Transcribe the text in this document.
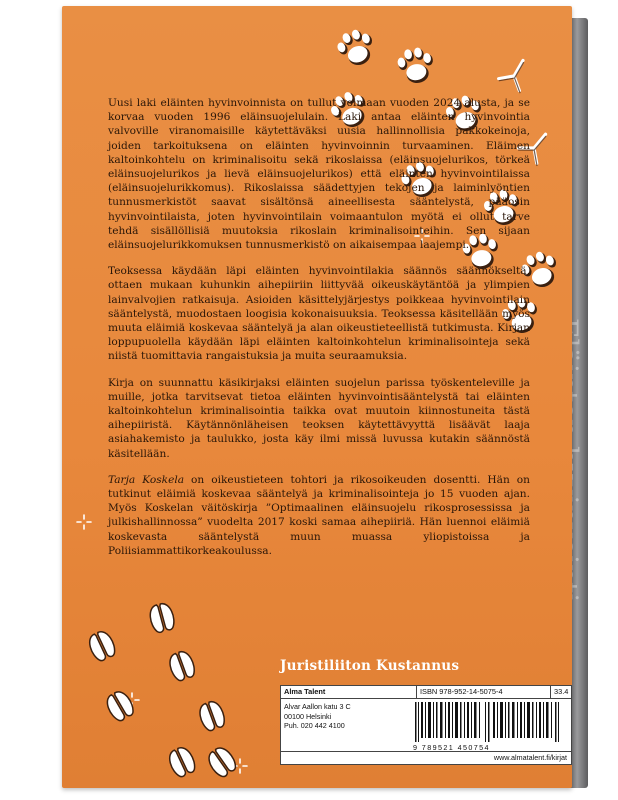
Uusi laki eläinten hyvinvoinnista on tullut voimaan vuoden 2024 alusta, ja se korvaa vuoden 1996 eläinsuojelulain. Laki antaa eläinten hyvinvointia valvoville viranomaisille käytettäväksi uusia hallinnollisia pakkokeinoja, joiden tarkoituksena on eläinten hyvinvoinnin turvaaminen. Eläimen kaltoinkohtelu on kriminalisoitu sekä rikoslaissa (eläinsuojelurikos, törkeä eläinsuojelurikos ja lievä eläinsuojelurikos) että eläinten hyvinvointilaissa (eläinsuojelurikkomus). Rikoslaissa säädettyjen tekojen ja laiminlyöntien tunnusmerkistöt saavat sisältönsä aineellisesta sääntelystä, pääosin hyvinvointilaista, joten hyvinvointilain voimaantulon myötä ei ollut tarve tehdä sisällöllisiä muutoksia rikoslain kriminalisointeihin. Sen sijaan eläinsuojelurikkomuksen tunnusmerkistö on aikaisempaa laajempi.

Teoksessa käydään läpi eläinten hyvinvointilakia säännös säännökseltä, ottaen mukaan kuhunkin aihepiiriin liittyvää oikeuskäytäntöä ja ylimpien lainvalvojien ratkaisuja. Asioiden käsittelyjärjestys poikkeaa hyvinvointilain sääntelystä, muodostaen loogisia kokonaisuuksia. Teoksessa käsitellään myös muuta eläimiä koskevaa sääntelyä ja alan oikeustieteellistä tutkimusta. Kirjan loppupuolella käydään läpi eläinten kaltoinkohtelun kriminalisointeja sekä niistä tuomittavia rangaistuksia ja muita seuraamuksia.

Kirja on suunnattu käsikirjaksi eläinten suojelun parissa työskenteleville ja muille, jotka tarvitsevat tietoa eläinten hyvinvointisääntelystä tai eläinten kaltoinkohtelun kriminalisointia taikka ovat muutoin kiinnostuneita tästä aihepiiristä. Käytännönläheisen teoksen käytettävyyttä lisäävät laaja asiahakemisto ja taulukko, josta käy ilmi missä luvussa kutakin säännöstä käsitellään.

Tarja Koskela on oikeustieteen tohtori ja rikosoikeuden dosentti. Hän on tutkinut eläimiä koskevaa sääntelyä ja kriminalisointeja jo 15 vuoden ajan. Myös Koskelan väitöskirja ”Optimaalinen eläinsuojelu rikosprosessissa ja julkishallinnossa” vuodelta 2017 koski samaa aihepiiriä. Hän luennoi eläimiä koskevasta sääntelystä muun muassa yliopistoissa ja Poliisiammattikorkeakoulussa.

Juristiliiton Kustannus
Alma Talent	ISBN 978-952-14-5075-4	33.4
Alvar Aallon katu 3 C
00100 Helsinki
Puh. 020 442 4100
9 789521 450754
www.almatalent.fi/kirjat
